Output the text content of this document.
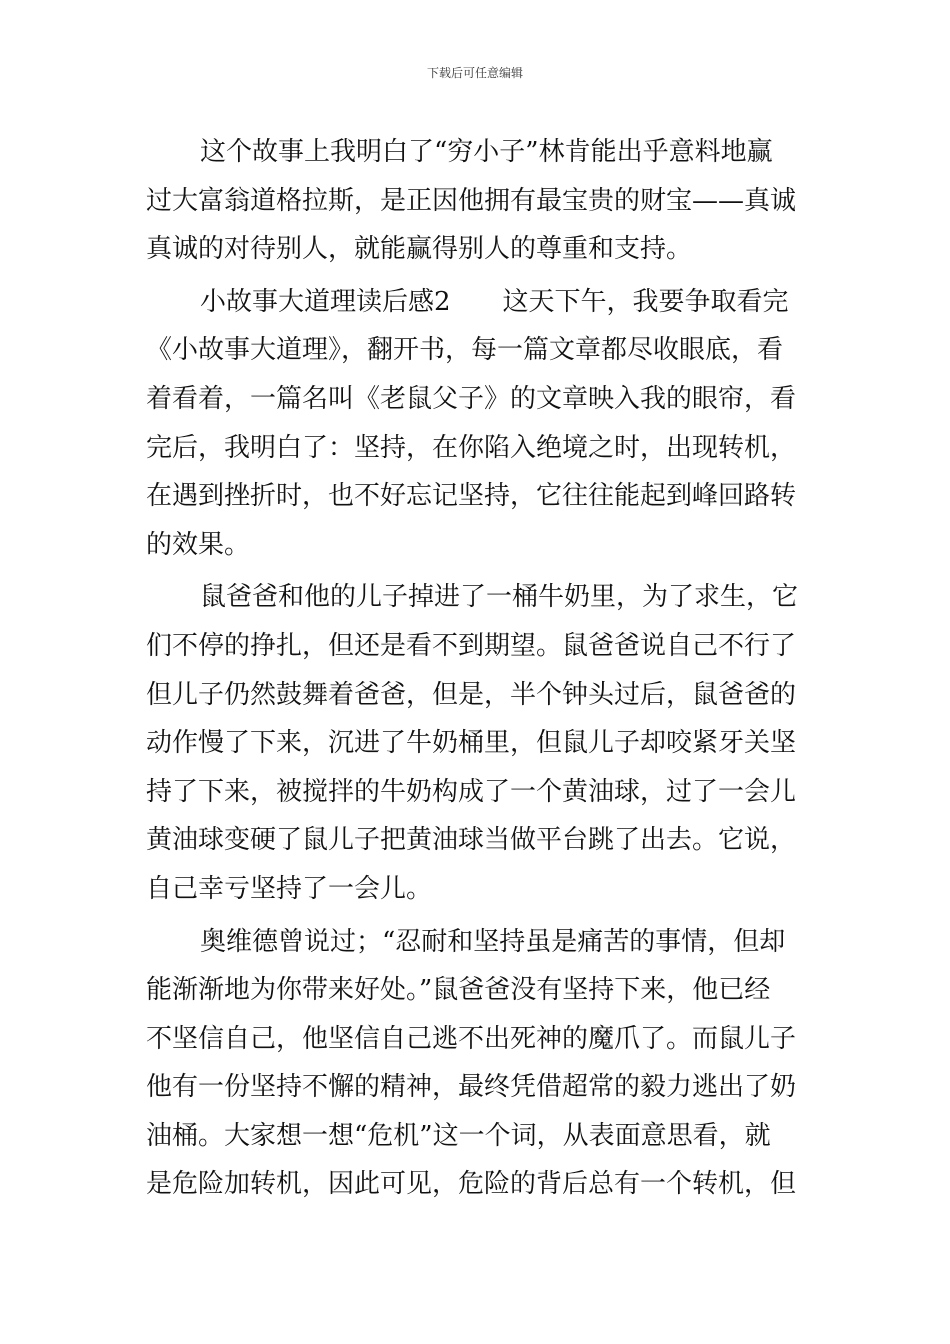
下载后可任意编辑
这个故事上我明白了“穷小子”林肯能出乎意料地赢
过大富翁道格拉斯，是正因他拥有最宝贵的财宝——真诚
真诚的对待别人，就能赢得别人的尊重和支持。
小故事大道理读后感2　　这天下午，我要争取看完
《小故事大道理》，翻开书，每一篇文章都尽收眼底，看
着看着，一篇名叫《老鼠父子》的文章映入我的眼帘，看
完后，我明白了：坚持，在你陷入绝境之时，出现转机，
在遇到挫折时，也不好忘记坚持，它往往能起到峰回路转
的效果。
鼠爸爸和他的儿子掉进了一桶牛奶里，为了求生，它
们不停的挣扎，但还是看不到期望。鼠爸爸说自己不行了
但儿子仍然鼓舞着爸爸，但是，半个钟头过后，鼠爸爸的
动作慢了下来，沉进了牛奶桶里，但鼠儿子却咬紧牙关坚
持了下来，被搅拌的牛奶构成了一个黄油球，过了一会儿
黄油球变硬了鼠儿子把黄油球当做平台跳了出去。它说，
自己幸亏坚持了一会儿。
奥维德曾说过；“忍耐和坚持虽是痛苦的事情，但却
能渐渐地为你带来好处。”鼠爸爸没有坚持下来，他已经
不坚信自己，他坚信自己逃不出死神的魔爪了。而鼠儿子
他有一份坚持不懈的精神，最终凭借超常的毅力逃出了奶
油桶。大家想一想“危机”这一个词，从表面意思看，就
是危险加转机，因此可见，危险的背后总有一个转机，但
